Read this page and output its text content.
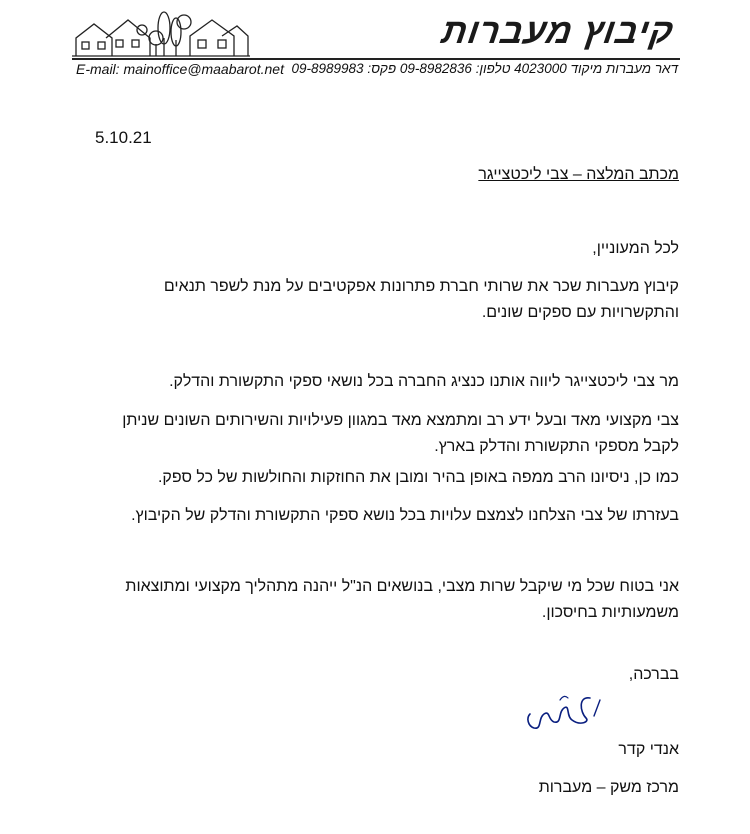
קיבוץ מעברות
דאר מעברות מיקוד 4023000 טלפון: 09-8982836 פקס: 09-8989983
E-mail: mainoffice@maabarot.net
5.10.21
מכתב המלצה – צבי ליכטצייגר

לכל המעוניין,

קיבוץ מעברות שכר את שרותי חברת פתרונות אפקטיבים על מנת לשפר תנאים

והתקשרויות עם ספקים שונים.

מר צבי ליכטצייגר ליווה אותנו כנציג החברה בכל נושאי ספקי התקשורת והדלק.

צבי מקצועי מאד ובעל ידע רב ומתמצא מאד במגוון פעילויות והשירותים השונים שניתן

לקבל מספקי התקשורת והדלק בארץ.

כמו כן, ניסיונו הרב ממפה באופן בהיר ומובן את החוזקות והחולשות של כל ספק.

בעזרתו של צבי הצלחנו לצמצם עלויות בכל נושא ספקי התקשורת והדלק של הקיבוץ.

אני בטוח שכל מי שיקבל שרות מצבי, בנושאים הנ"ל ייהנה מתהליך מקצועי ומתוצאות

משמעותיות בחיסכון.

בברכה,

אנדי קדר

מרכז משק – מעברות
